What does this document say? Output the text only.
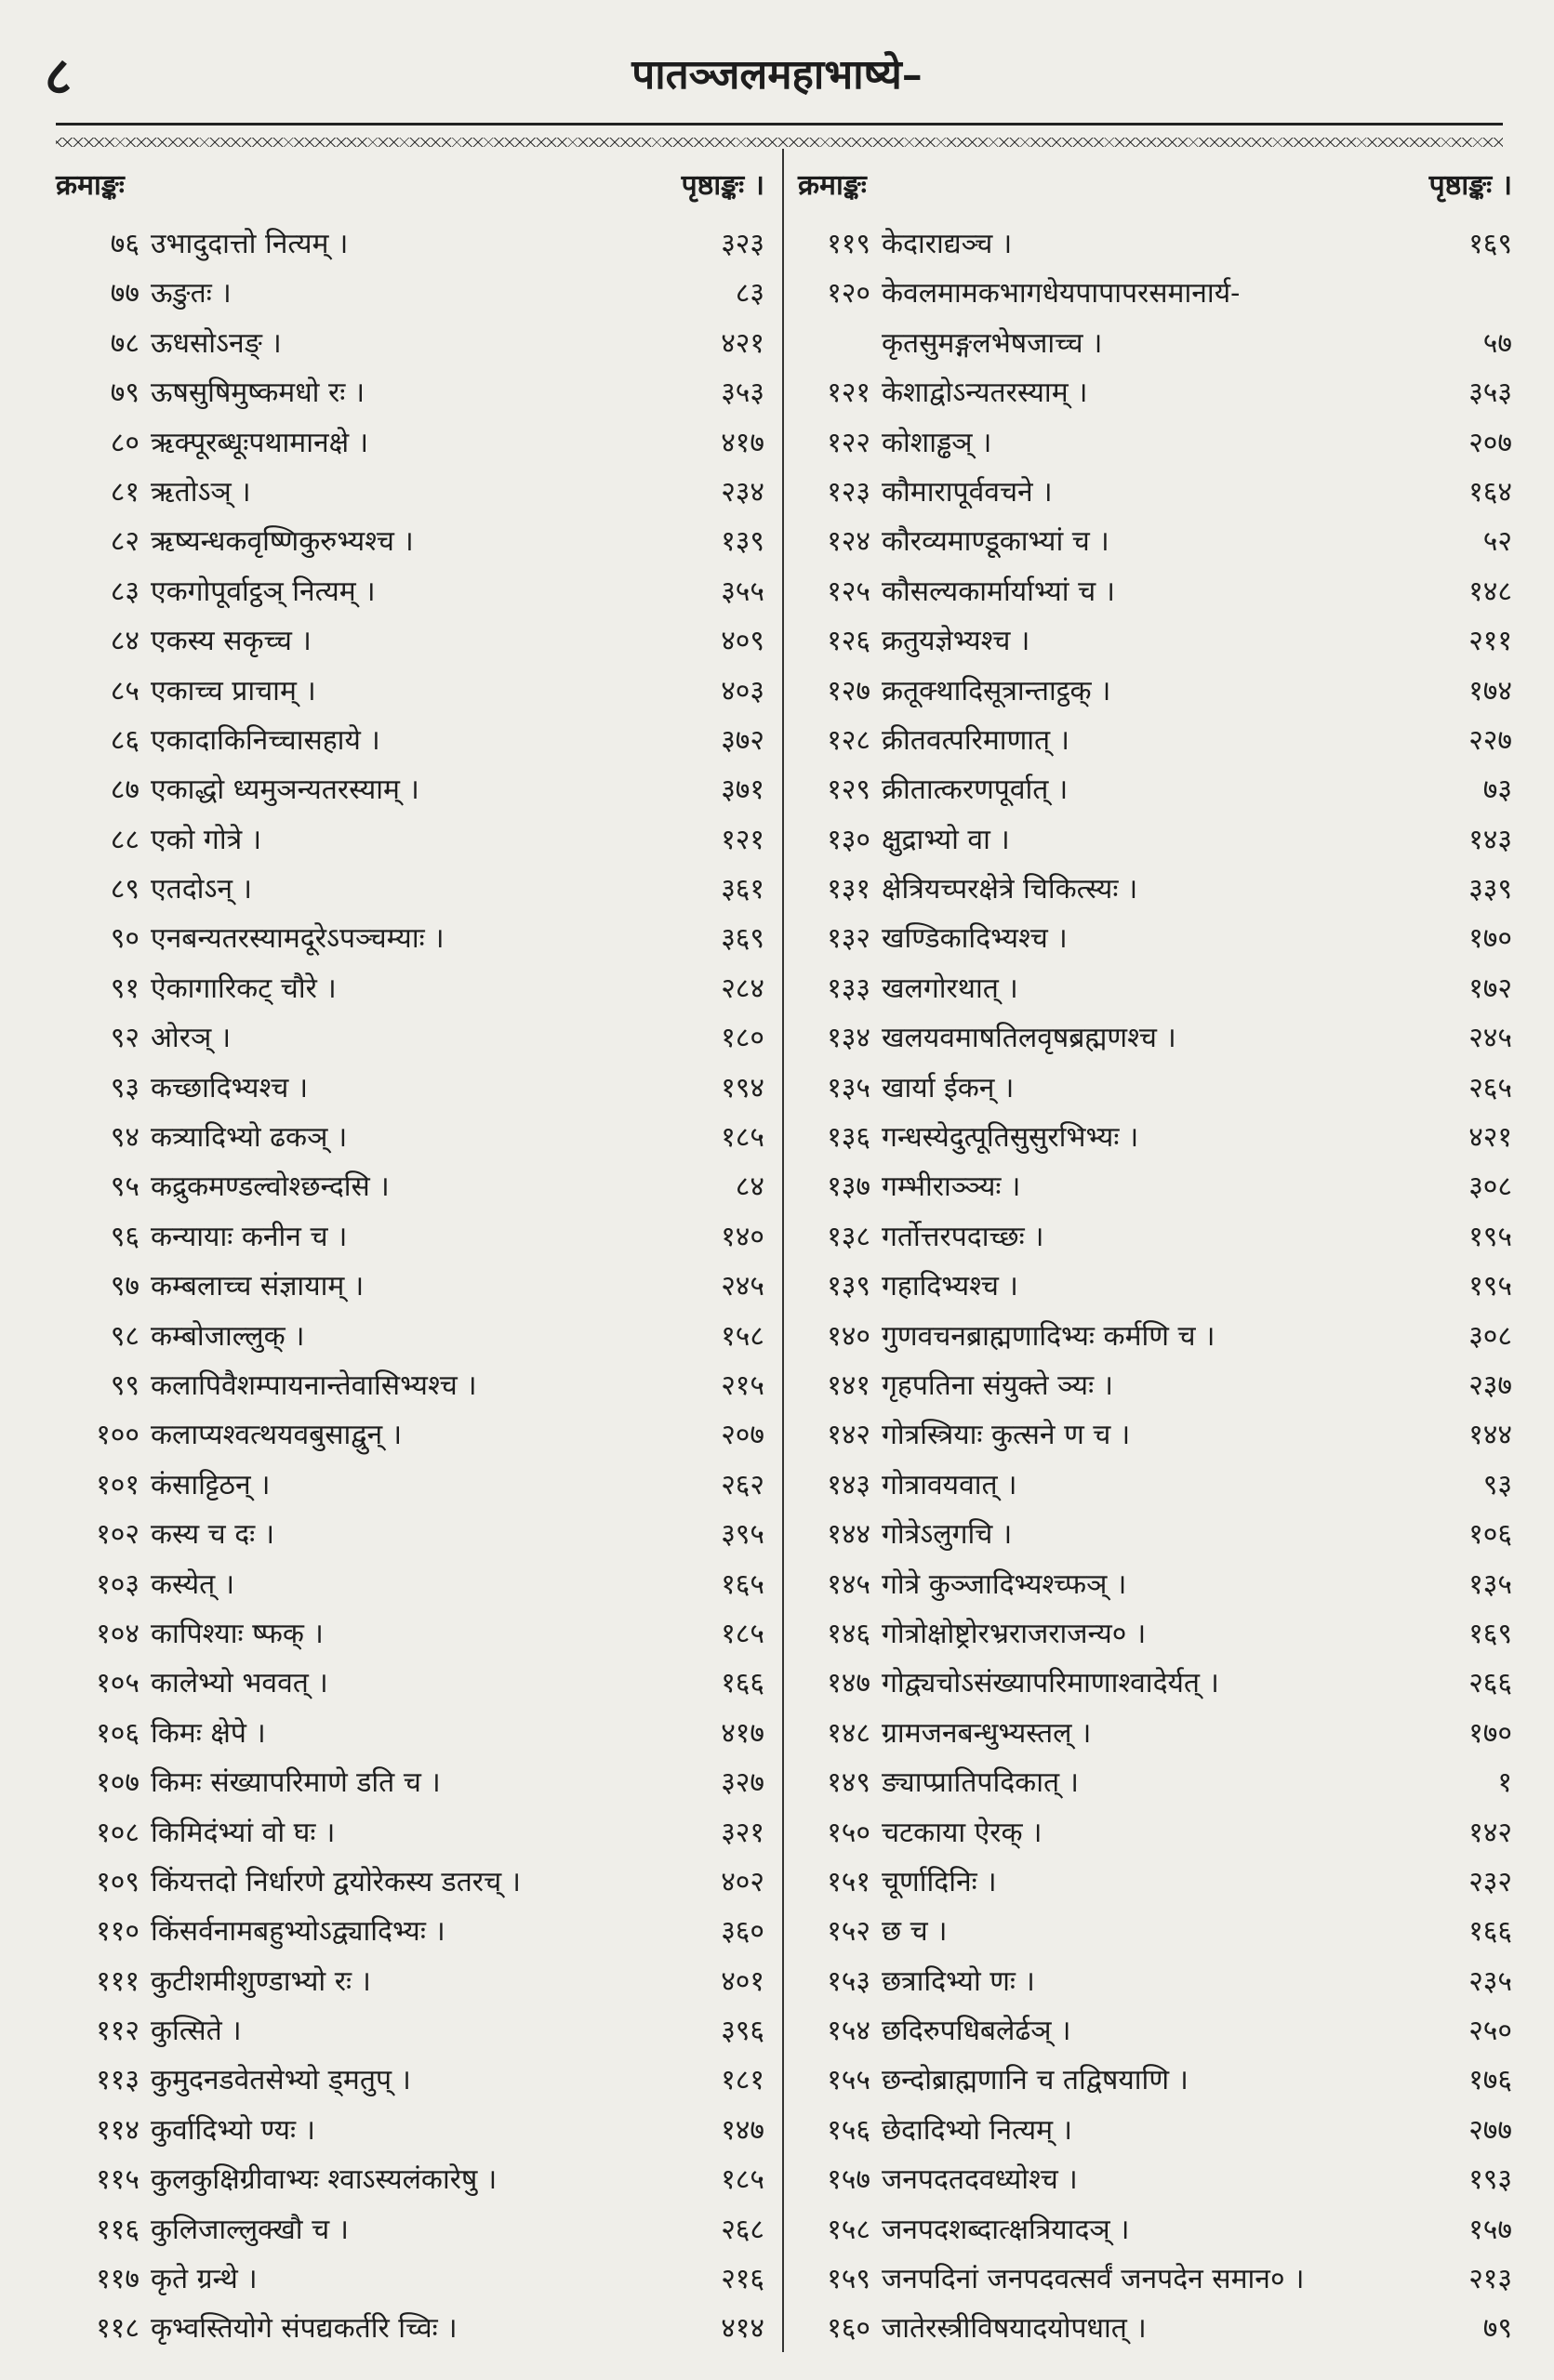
८	पातञ्जलमहाभाष्ये–
क्रमाङ्कः	पृष्ठाङ्कः ।
७६ उभादुदात्तो नित्यम् ।	३२३
७७ ऊङुतः ।	८३
७८ ऊधसोऽनङ् ।	४२१
७९ ऊषसुषिमुष्कमधो रः ।	३५३
८० ऋक्पूरब्धूःपथामानक्षे ।	४१७
८१ ऋतोऽञ् ।	२३४
८२ ऋष्यन्धकवृष्णिकुरुभ्यश्च ।	१३९
८३ एकगोपूर्वाट्ठञ् नित्यम् ।	३५५
८४ एकस्य सकृच्च ।	४०९
८५ एकाच्च प्राचाम् ।	४०३
८६ एकादाकिनिच्चासहाये ।	३७२
८७ एकाद्धो ध्यमुञन्यतरस्याम् ।	३७१
८८ एको गोत्रे ।	१२१
८९ एतदोऽन् ।	३६१
९० एनबन्यतरस्यामदूरेऽपञ्चम्याः ।	३६९
९१ ऐकागारिकट् चौरे ।	२८४
९२ ओरञ् ।	१८०
९३ कच्छादिभ्यश्च ।	१९४
९४ कत्र्यादिभ्यो ढकञ् ।	१८५
९५ कद्रुकमण्डल्वोश्छन्दसि ।	८४
९६ कन्यायाः कनीन च ।	१४०
९७ कम्बलाच्च संज्ञायाम् ।	२४५
९८ कम्बोजाल्लुक् ।	१५८
९९ कलापिवैशम्पायनान्तेवासिभ्यश्च ।	२१५
१०० कलाप्यश्वत्थयवबुसाद्वुन् ।	२०७
१०१ कंसाट्टिठन् ।	२६२
१०२ कस्य च दः ।	३९५
१०३ कस्येत् ।	१६५
१०४ कापिश्याः ष्फक् ।	१८५
१०५ कालेभ्यो भववत् ।	१६६
१०६ किमः क्षेपे ।	४१७
१०७ किमः संख्यापरिमाणे डति च ।	३२७
१०८ किमिदंभ्यां वो घः ।	३२१
१०९ किंयत्तदो निर्धारणे द्वयोरेकस्य डतरच् ।	४०२
११० किंसर्वनामबहुभ्योऽद्व्यादिभ्यः ।	३६०
१११ कुटीशमीशुण्डाभ्यो रः ।	४०१
११२ कुत्सिते ।	३९६
११३ कुमुदनडवेतसेभ्यो ड्मतुप् ।	१८१
११४ कुर्वादिभ्यो ण्यः ।	१४७
११५ कुलकुक्षिग्रीवाभ्यः श्वाऽस्यलंकारेषु ।	१८५
११६ कुलिजाल्लुक्खौ च ।	२६८
११७ कृते ग्रन्थे ।	२१६
११८ कृभ्वस्तियोगे संपद्यकर्तरि च्विः ।	४१४
क्रमाङ्कः	पृष्ठाङ्कः ।
११९ केदाराद्यञ्च ।	१६९
१२० केवलमामकभागधेयपापापरसमानार्य-
कृतसुमङ्गलभेषजाच्च ।	५७
१२१ केशाद्वोऽन्यतरस्याम् ।	३५३
१२२ कोशाड्ढञ् ।	२०७
१२३ कौमारापूर्ववचने ।	१६४
१२४ कौरव्यमाण्डूकाभ्यां च ।	५२
१२५ कौसल्यकार्मार्याभ्यां च ।	१४८
१२६ क्रतुयज्ञेभ्यश्च ।	२११
१२७ क्रतूक्थादिसूत्रान्ताट्ठक् ।	१७४
१२८ क्रीतवत्परिमाणात् ।	२२७
१२९ क्रीतात्करणपूर्वात् ।	७३
१३० क्षुद्राभ्यो वा ।	१४३
१३१ क्षेत्रियच्परक्षेत्रे चिकित्स्यः ।	३३९
१३२ खण्डिकादिभ्यश्च ।	१७०
१३३ खलगोरथात् ।	१७२
१३४ खलयवमाषतिलवृषब्रह्मणश्च ।	२४५
१३५ खार्या ईकन् ।	२६५
१३६ गन्धस्येदुत्पूतिसुसुरभिभ्यः ।	४२१
१३७ गम्भीराञ्ञ्यः ।	३०८
१३८ गर्तोत्तरपदाच्छः ।	१९५
१३९ गहादिभ्यश्च ।	१९५
१४० गुणवचनब्राह्मणादिभ्यः कर्मणि च ।	३०८
१४१ गृहपतिना संयुक्ते ञ्यः ।	२३७
१४२ गोत्रस्त्रियाः कुत्सने ण च ।	१४४
१४३ गोत्रावयवात् ।	९३
१४४ गोत्रेऽलुगचि ।	१०६
१४५ गोत्रे कुञ्जादिभ्यश्च्फञ् ।	१३५
१४६ गोत्रोक्षोष्ट्रोरभ्रराजराजन्य० ।	१६९
१४७ गोद्व्यचोऽसंख्यापरिमाणाश्वादेर्यत् ।	२६६
१४८ ग्रामजनबन्धुभ्यस्तल् ।	१७०
१४९ ङ्याप्प्रातिपदिकात् ।	१
१५० चटकाया ऐरक् ।	१४२
१५१ चूर्णादिनिः ।	२३२
१५२ छ च ।	१६६
१५३ छत्रादिभ्यो णः ।	२३५
१५४ छदिरुपधिबलेर्ढञ् ।	२५०
१५५ छन्दोब्राह्मणानि च तद्विषयाणि ।	१७६
१५६ छेदादिभ्यो नित्यम् ।	२७७
१५७ जनपदतदवध्योश्च ।	१९३
१५८ जनपदशब्दात्क्षत्रियादञ् ।	१५७
१५९ जनपदिनां जनपदवत्सर्वं जनपदेन समान० ।	२१३
१६० जातेरस्त्रीविषयादयोपधात् ।	७९
